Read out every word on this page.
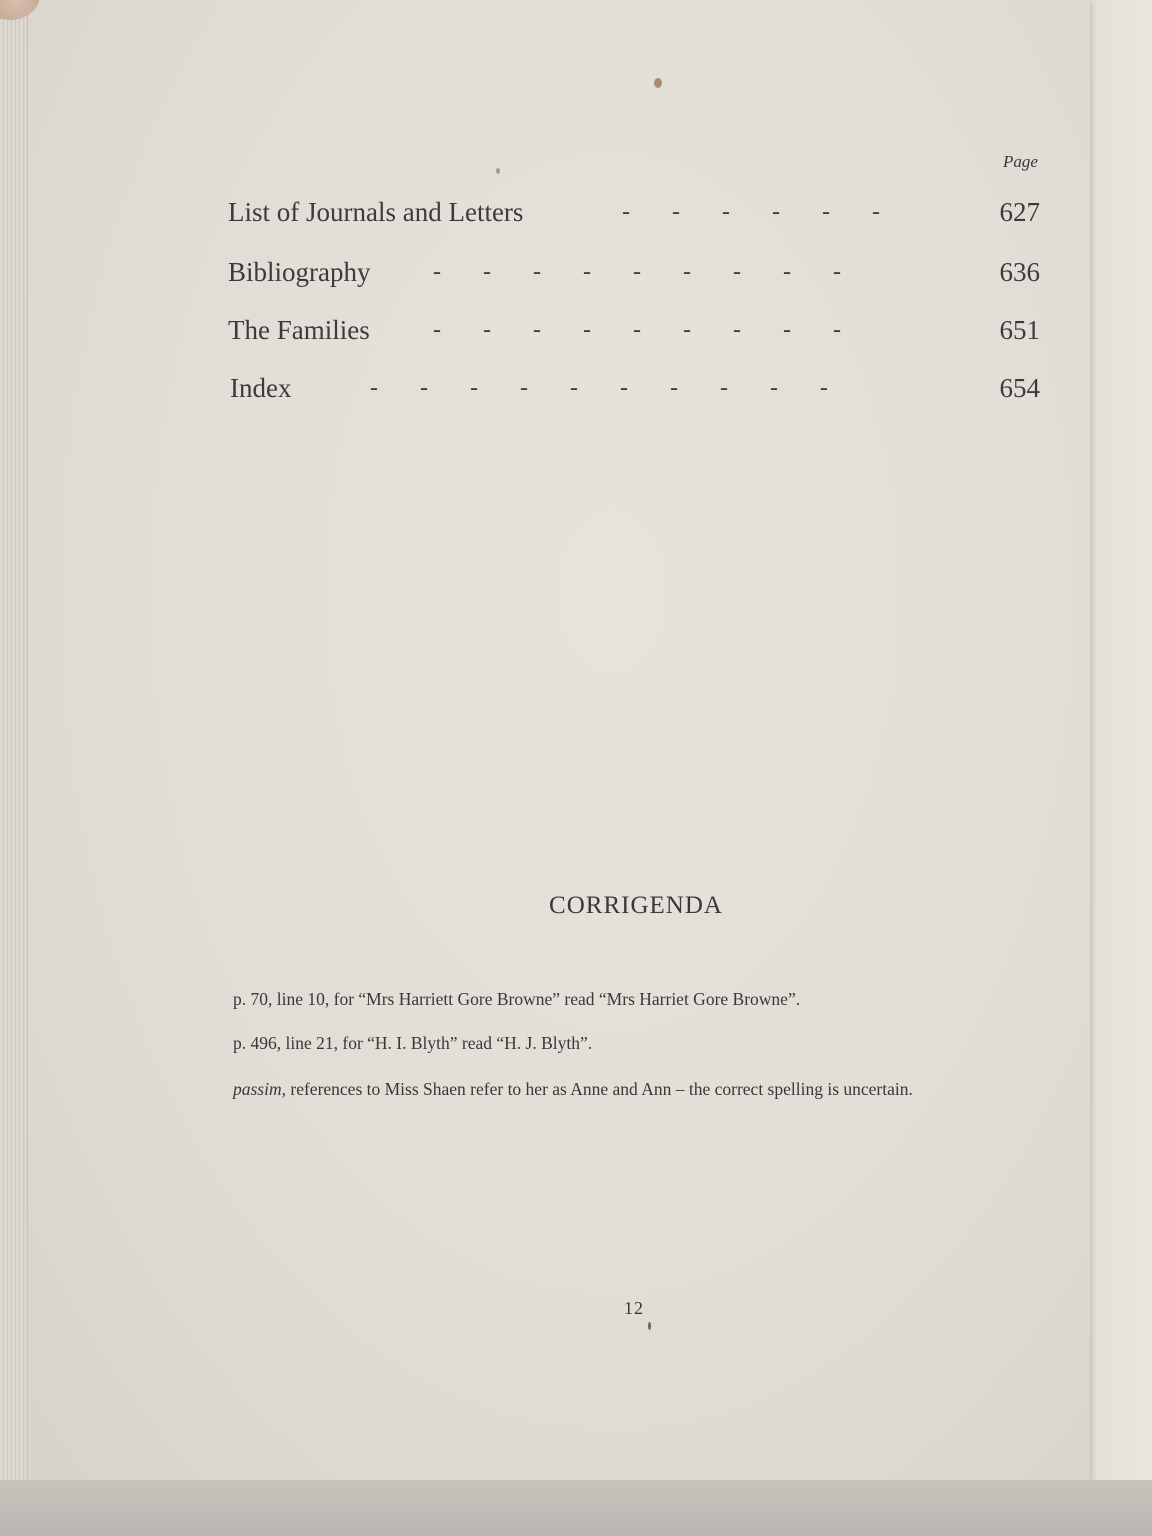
Page
List of Journals and Letters	-       -       -       -       -       -	627
Bibliography	-       -       -       -       -       -       -       -       -	636
The Families	-       -       -       -       -       -       -       -       -	651
Index	-       -       -       -       -       -       -       -       -       -	654
CORRIGENDA
p. 70, line 10, for “Mrs Harriett Gore Browne” read “Mrs Harriet Gore Browne”.
p. 496, line 21, for “H. I. Blyth” read “H. J. Blyth”.
passim, references to Miss Shaen refer to her as Anne and Ann – the correct spelling is uncertain.
12
